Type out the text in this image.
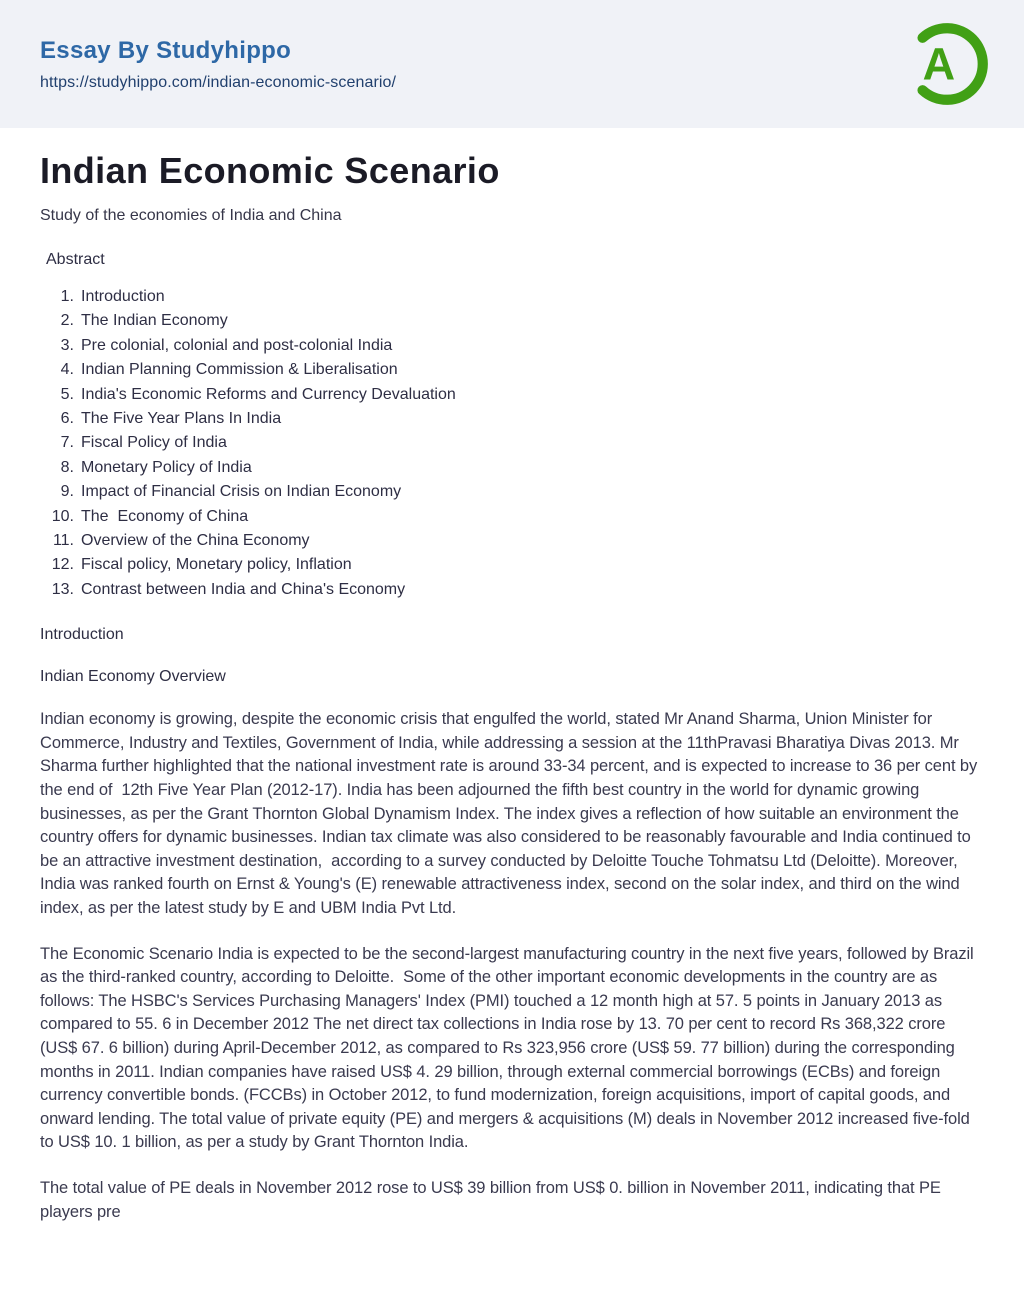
Essay By Studyhippo
https://studyhippo.com/indian-economic-scenario/	A
Indian Economic Scenario

Study of the economies of India and China

Abstract

1. Introduction
2. The Indian Economy
3. Pre colonial, colonial and post-colonial India
4. Indian Planning Commission & Liberalisation
5. India's Economic Reforms and Currency Devaluation
6. The Five Year Plans In India
7. Fiscal Policy of India
8. Monetary Policy of India
9. Impact of Financial Crisis on Indian Economy
10. The  Economy of China
11. Overview of the China Economy
12. Fiscal policy, Monetary policy, Inflation
13. Contrast between India and China's Economy

Introduction

Indian Economy Overview

Indian economy is growing, despite the economic crisis that engulfed the world, stated Mr Anand Sharma, Union Minister for Commerce, Industry and Textiles, Government of India, while addressing a session at the 11thPravasi Bharatiya Divas 2013. Mr Sharma further highlighted that the national investment rate is around 33-34 percent, and is expected to increase to 36 per cent by the end of  12th Five Year Plan (2012-17). India has been adjourned the fifth best country in the world for dynamic growing businesses, as per the Grant Thornton Global Dynamism Index. The index gives a reflection of how suitable an environment the country offers for dynamic businesses. Indian tax climate was also considered to be reasonably favourable and India continued to be an attractive investment destination,  according to a survey conducted by Deloitte Touche Tohmatsu Ltd (Deloitte). Moreover, India was ranked fourth on Ernst & Young's (E) renewable attractiveness index, second on the solar index, and third on the wind index, as per the latest study by E and UBM India Pvt Ltd.

The Economic Scenario India is expected to be the second-largest manufacturing country in the next five years, followed by Brazil as the third-ranked country, according to Deloitte.  Some of the other important economic developments in the country are as follows: The HSBC's Services Purchasing Managers' Index (PMI) touched a 12 month high at 57. 5 points in January 2013 as compared to 55. 6 in December 2012 The net direct tax collections in India rose by 13. 70 per cent to record Rs 368,322 crore (US$ 67. 6 billion) during April-December 2012, as compared to Rs 323,956 crore (US$ 59. 77 billion) during the corresponding months in 2011. Indian companies have raised US$ 4. 29 billion, through external commercial borrowings (ECBs) and foreign currency convertible bonds. (FCCBs) in October 2012, to fund modernization, foreign acquisitions, import of capital goods, and onward lending. The total value of private equity (PE) and mergers & acquisitions (M) deals in November 2012 increased five-fold to US$ 10. 1 billion, as per a study by Grant Thornton India.

The total value of PE deals in November 2012 rose to US$ 39 billion from US$ 0. billion in November 2011, indicating that PE players pre
